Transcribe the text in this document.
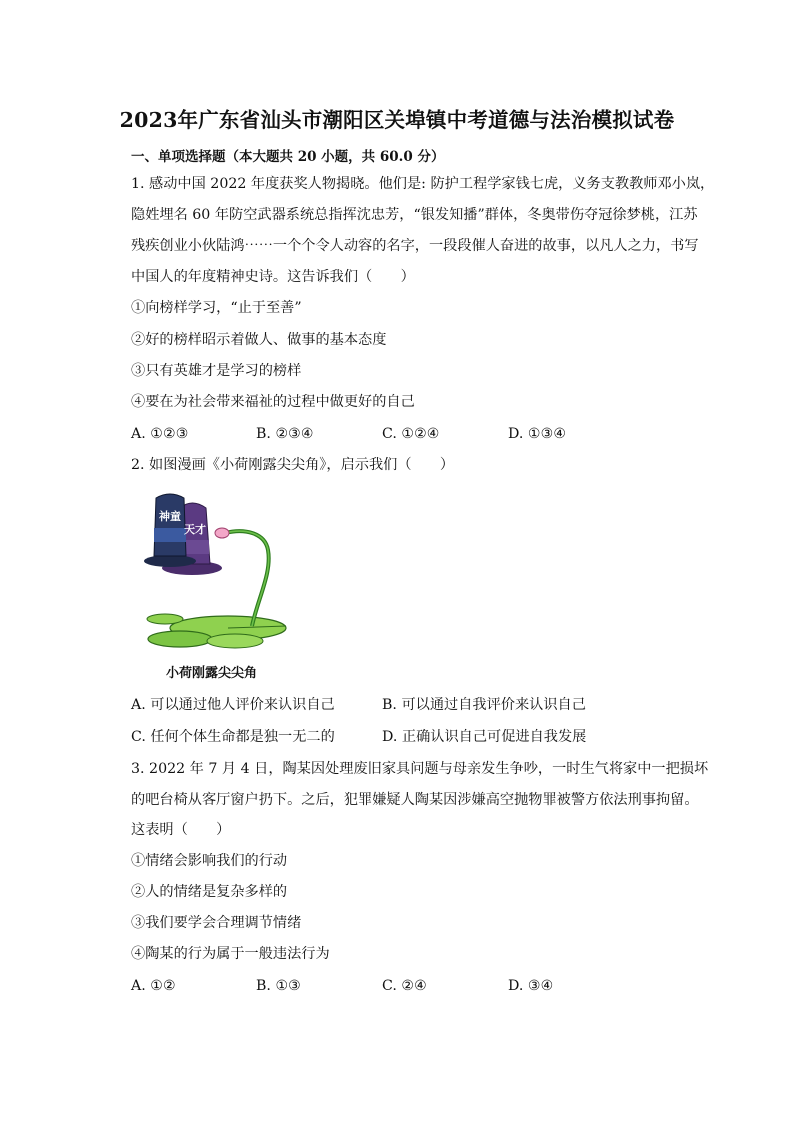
2023年广东省汕头市潮阳区关埠镇中考道德与法治模拟试卷
一、单项选择题（本大题共 20 小题，共 60.0 分）
1. 感动中国 2022 年度获奖人物揭晓。他们是: 防护工程学家钱七虎，义务支教教师邓小岚，
隐姓埋名 60 年防空武器系统总指挥沈忠芳，“银发知播”群体，冬奥带伤夺冠徐梦桃，江苏
残疾创业小伙陆鸿⋯⋯一个个令人动容的名字，一段段催人奋进的故事，以凡人之力，书写
中国人的年度精神史诗。这告诉我们（　　）
①向榜样学习，“止于至善”
②好的榜样昭示着做人、做事的基本态度
③只有英雄才是学习的榜样
④要在为社会带来福祉的过程中做更好的自己
A. ①②③	B. ②③④	C. ①②④	D. ①③④
2. 如图漫画《小荷刚露尖尖角》，启示我们（　　）
神童
天才
小荷刚露尖尖角
A. 可以通过他人评价来认识自己	B. 可以通过自我评价来认识自己
C. 任何个体生命都是独一无二的	D. 正确认识自己可促进自我发展
3. 2022 年 7 月 4 日，陶某因处理废旧家具问题与母亲发生争吵，一时生气将家中一把损坏
的吧台椅从客厅窗户扔下。之后，犯罪嫌疑人陶某因涉嫌高空抛物罪被警方依法刑事拘留。
这表明（　　）
①情绪会影响我们的行动
②人的情绪是复杂多样的
③我们要学会合理调节情绪
④陶某的行为属于一般违法行为
A. ①②	B. ①③	C. ②④	D. ③④
